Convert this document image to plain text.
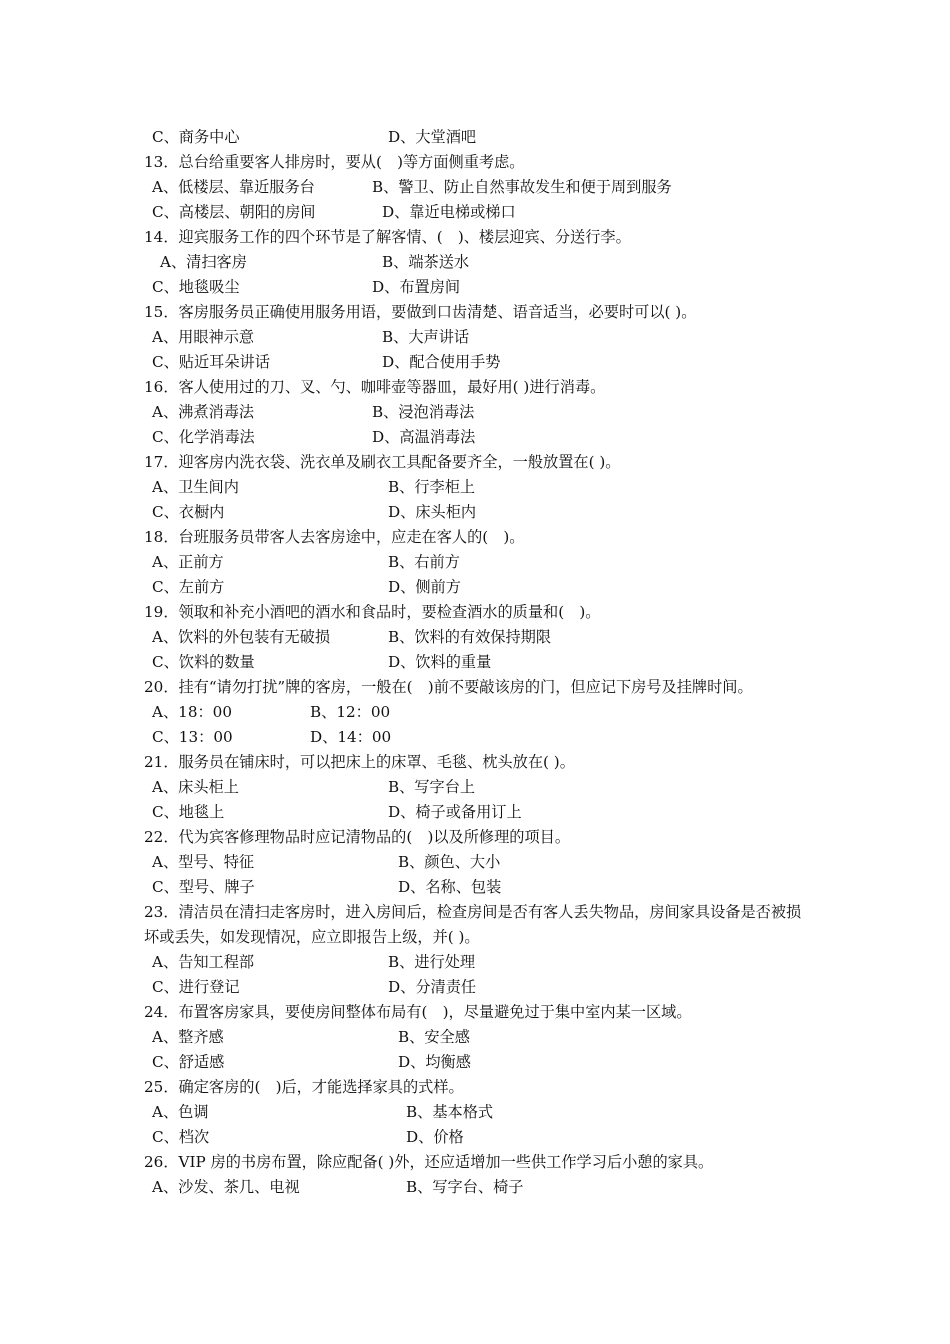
C、商务中心	D、大堂酒吧
13．总台给重要客人排房时，要从(　)等方面侧重考虑。
A、低楼层、靠近服务台	B、警卫、防止自然事故发生和便于周到服务
C、高楼层、朝阳的房间	D、靠近电梯或梯口
14．迎宾服务工作的四个环节是了解客情、(　)、楼层迎宾、分送行李。
A、清扫客房	B、端茶送水
C、地毯吸尘	D、布置房间
15．客房服务员正确使用服务用语，要做到口齿清楚、语音适当，必要时可以( )。
A、用眼神示意	B、大声讲话
C、贴近耳朵讲话	D、配合使用手势
16．客人使用过的刀、叉、勺、咖啡壶等器皿，最好用( )进行消毒。
A、沸煮消毒法	B、浸泡消毒法
C、化学消毒法	D、高温消毒法
17．迎客房内洗衣袋、洗衣单及刷衣工具配备要齐全，一般放置在( )。
A、卫生间内	B、行李柜上
C、衣橱内	D、床头柜内
18．台班服务员带客人去客房途中，应走在客人的(　)。
A、正前方	B、右前方
C、左前方	D、侧前方
19．领取和补充小酒吧的酒水和食品时，要检查酒水的质量和(　)。
A、饮料的外包装有无破损	B、饮料的有效保持期限
C、饮料的数量	D、饮料的重量
20．挂有“请勿打扰”牌的客房，一般在(　)前不要敲该房的门，但应记下房号及挂牌时间。
A、18：00	B、12：00
C、13：00	D、14：00
21．服务员在铺床时，可以把床上的床罩、毛毯、枕头放在( )。
A、床头柜上	B、写字台上
C、地毯上	D、椅子或备用订上
22．代为宾客修理物品时应记清物品的(　)以及所修理的项目。
A、型号、特征	B、颜色、大小
C、型号、牌子	D、名称、包装
23．清洁员在清扫走客房时，进入房间后，检查房间是否有客人丢失物品，房间家具设备是否被损坏或丢失，如发现情况，应立即报告上级，并( )。
A、告知工程部	B、进行处理
C、进行登记	D、分清责任
24．布置客房家具，要使房间整体布局有(　)，尽量避免过于集中室内某一区域。
A、整齐感	B、安全感
C、舒适感	D、均衡感
25．确定客房的(　)后，才能选择家具的式样。
A、色调	B、基本格式
C、档次	D、价格
26．VIP 房的书房布置，除应配备( )外，还应适增加一些供工作学习后小憩的家具。
A、沙发、茶几、电视	B、写字台、椅子
